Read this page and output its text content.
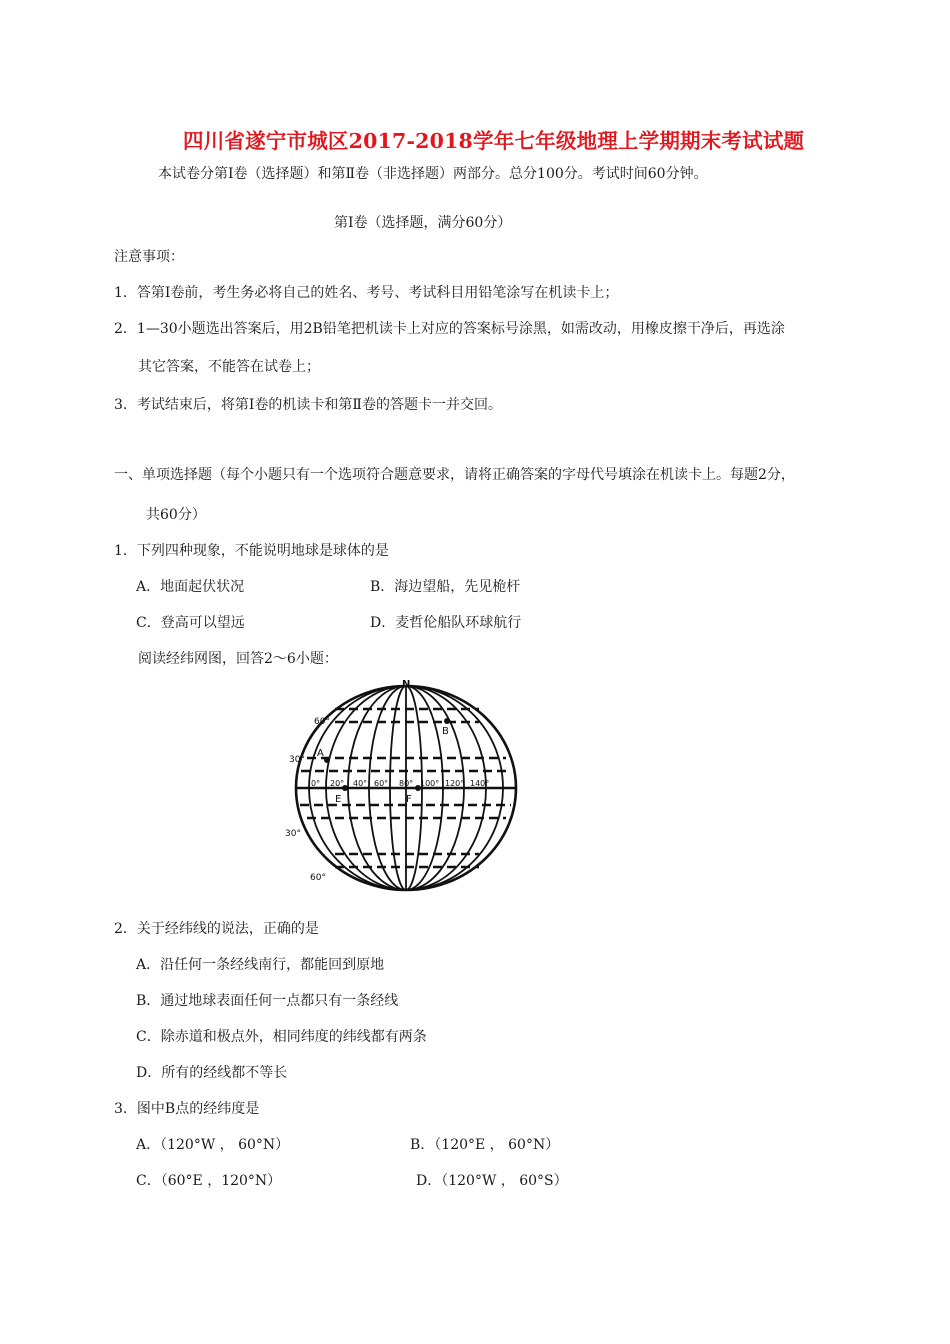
四川省遂宁市城区2017-2018学年七年级地理上学期期末考试试题
本试卷分第Ⅰ卷（选择题）和第Ⅱ卷（非选择题）两部分。总分100分。考试时间60分钟。
第Ⅰ卷（选择题，满分60分）
注意事项：
1．答第Ⅰ卷前，考生务必将自己的姓名、考号、考试科目用铅笔涂写在机读卡上；
2．1—30小题选出答案后，用2B铅笔把机读卡上对应的答案标号涂黑，如需改动，用橡皮擦干净后，再选涂
其它答案，不能答在试卷上；
3．考试结束后，将第Ⅰ卷的机读卡和第Ⅱ卷的答题卡一并交回。
一、单项选择题（每个小题只有一个选项符合题意要求，请将正确答案的字母代号填涂在机读卡上。每题2分，
共60分）
1．下列四种现象，不能说明地球是球体的是
A．地面起伏状况	B．海边望船，先见桅杆
C．登高可以望远	D．麦哲伦船队环球航行
阅读经纬网图，回答2～6小题：
N
60°
30°
30°
60°
A
B
E	F
0° 20° 40° 60° 80° 100° 120° 140°
2．关于经纬线的说法，正确的是
A．沿任何一条经线南行，都能回到原地
B．通过地球表面任何一点都只有一条经线
C．除赤道和极点外，相同纬度的纬线都有两条
D．所有的经线都不等长
3．图中B点的经纬度是
A．（120°W ， 60°N）	B．（120°E ， 60°N）
C．（60°E ，120°N）	D．（120°W ， 60°S）
